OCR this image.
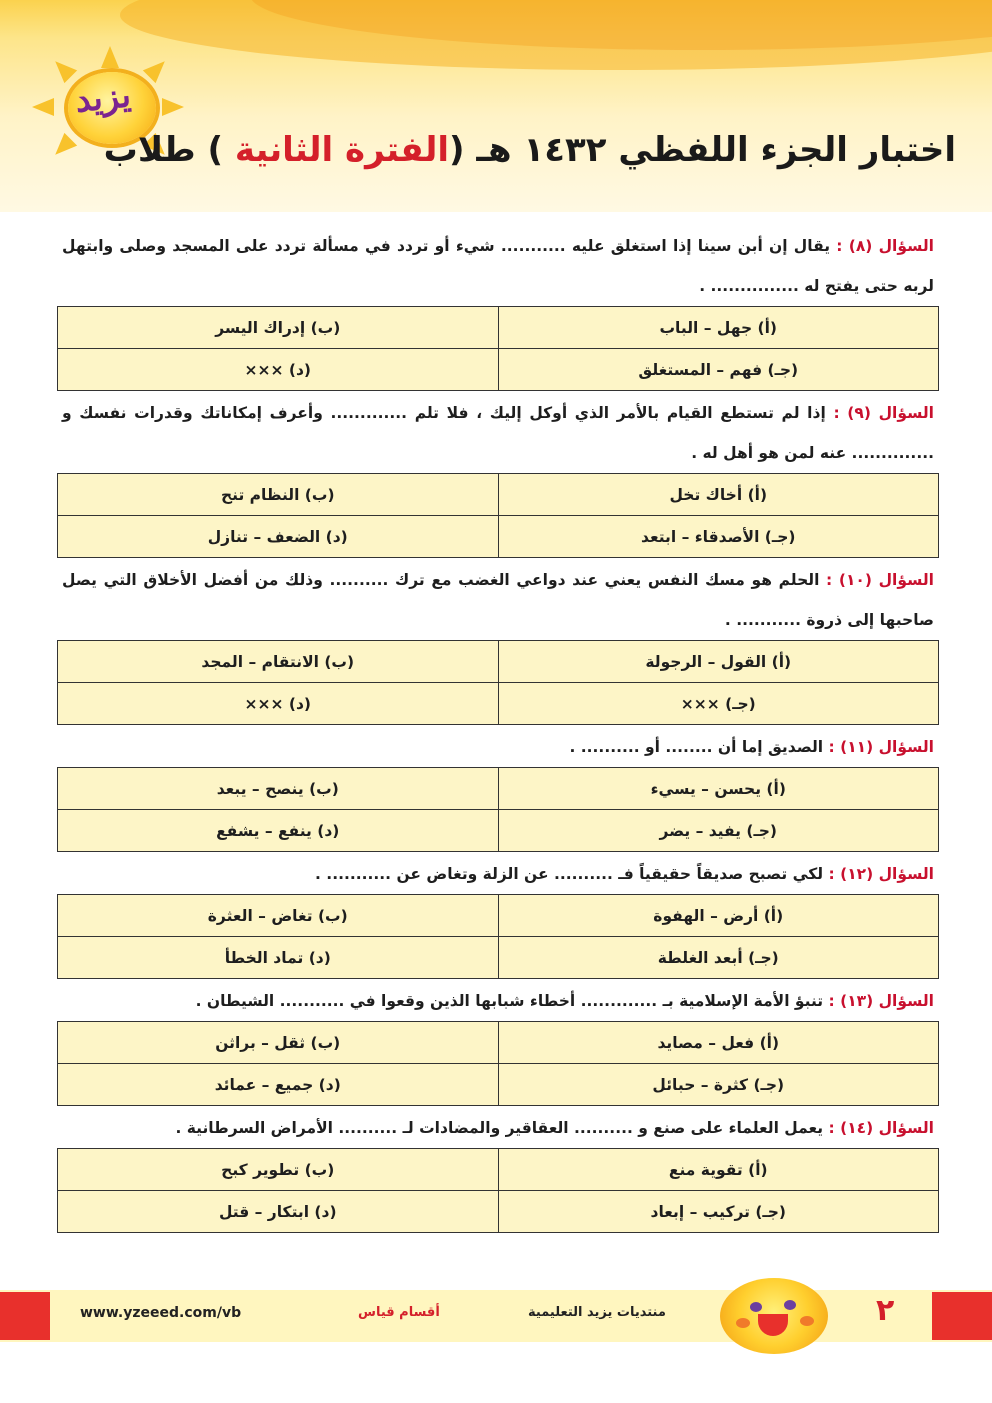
يزيد
اختبار الجزء اللفظي ١٤٣٢ هـ (الفترة الثانية ) طلاب
السؤال (٨) : يقال إن أبن سينا إذا استغلق عليه ........... شيء أو تردد في مسألة تردد على المسجد وصلى وابتهل لربه حتى يفتح له ............... .
(أ) جهل – الباب	(ب) إدراك اليسر
(جـ) فهم – المستغلق	(د) ×××
السؤال (٩) : إذا لم تستطع القيام بالأمر الذي أوكل إليك ، فلا تلم ............. وأعرف إمكاناتك وقدرات نفسك و .............. عنه لمن هو أهل له .
(أ) أخاك تخل	(ب) النظام تنح
(جـ) الأصدقاء – ابتعد	(د) الضعف – تنازل
السؤال (١٠) : الحلم هو مسك النفس يعني عند دواعي الغضب مع ترك .......... وذلك من أفضل الأخلاق التي يصل صاحبها إلى ذروة ........... .
(أ) القول – الرجولة	(ب) الانتقام – المجد
(جـ) ×××	(د) ×××
السؤال (١١) : الصديق إما أن ........ أو .......... .
(أ) يحسن – يسيء	(ب) ينصح – يبعد
(جـ) يفيد – يضر	(د) ينفع – يشفع
السؤال (١٢) : لكي تصبح صديقاً حقيقياً فـ .......... عن الزلة وتغاض عن ........... .
(أ) أرض – الهفوة	(ب) تغاض – العثرة
(جـ) أبعد الغلطة	(د) تماد الخطأ
السؤال (١٣) : تنبؤ الأمة الإسلامية بـ ............. أخطاء شبابها الذين وقعوا في ........... الشيطان .
(أ) فعل – مصايد	(ب) ثقل – براثن
(جـ) كثرة – حبائل	(د) جميع – عمائد
السؤال (١٤) : يعمل العلماء على صنع و .......... العقاقير والمضادات لـ .......... الأمراض السرطانية .
(أ) تقوية منع	(ب) تطوير كبح
(جـ) تركيب – إبعاد	(د) ابتكار – قتل
www.yzeeed.com/vb	أقسام قياس	منتديات يزيد التعليمية	٢
